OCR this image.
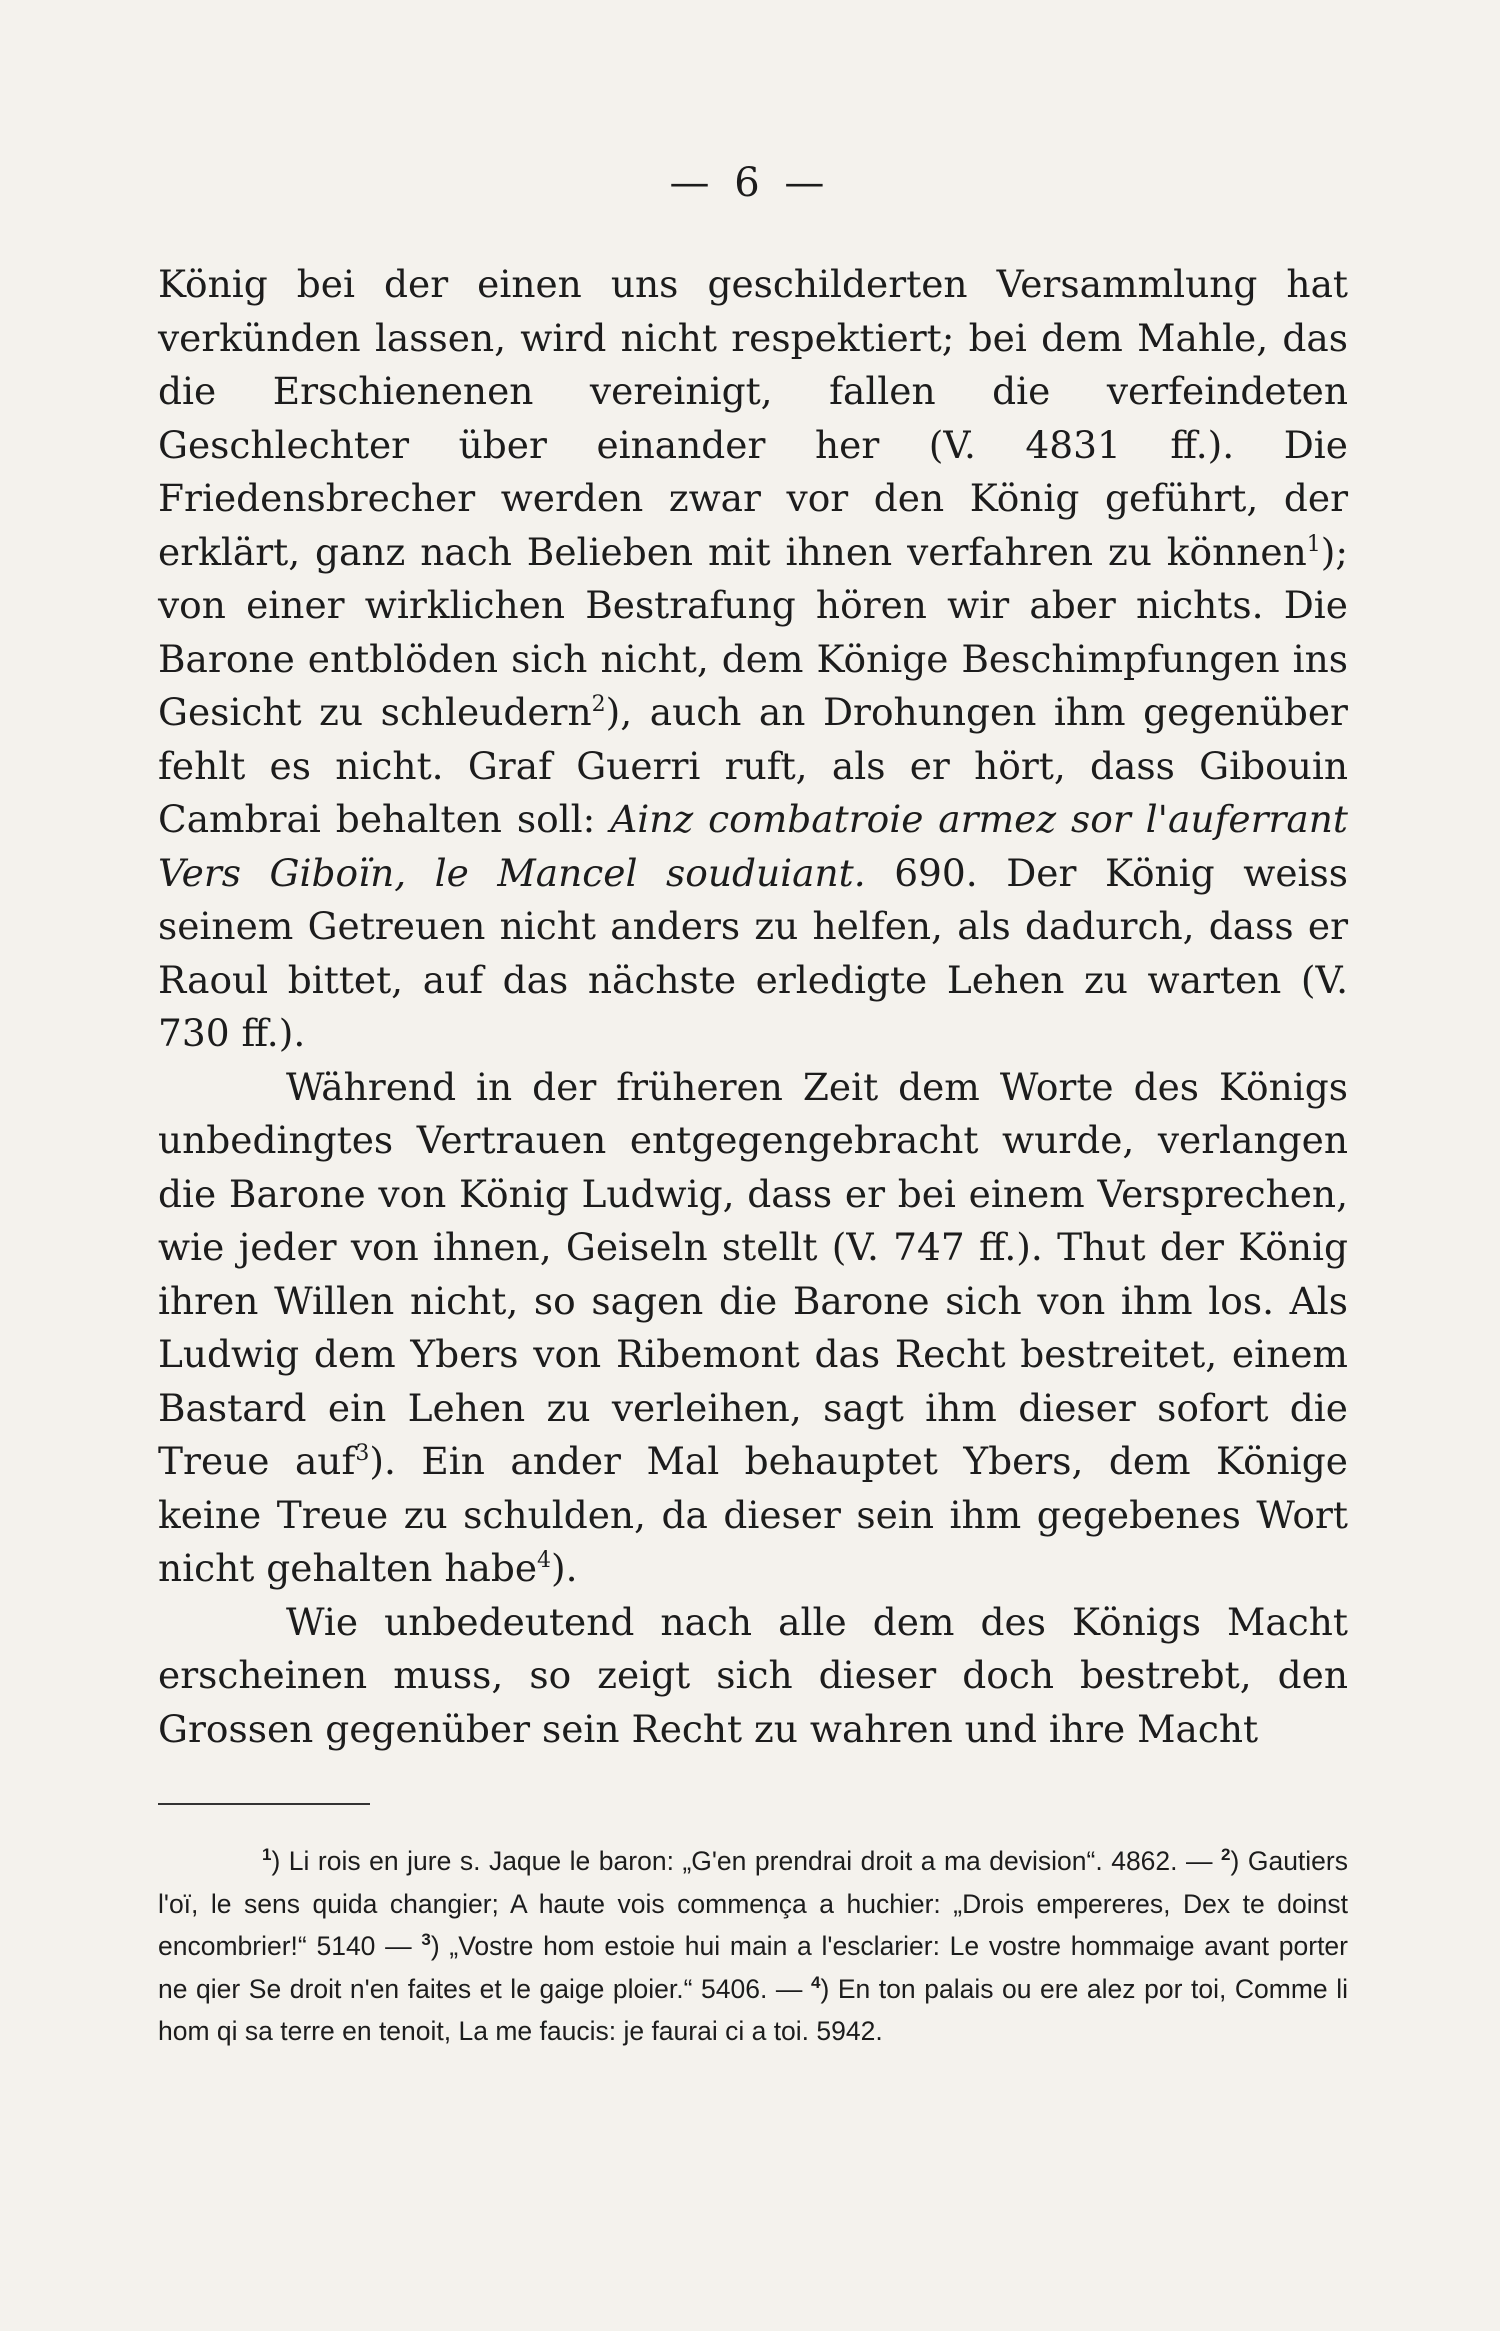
— 6 —

König bei der einen uns geschilderten Versammlung hat verkünden lassen, wird nicht respektiert; bei dem Mahle, das die Erschienenen vereinigt, fallen die verfeindeten Geschlechter über einander her (V. 4831 ff.). Die Friedensbrecher werden zwar vor den König geführt, der erklärt, ganz nach Belieben mit ihnen verfahren zu können$^1$); von einer wirklichen Bestrafung hören wir aber nichts. Die Barone entblöden sich nicht, dem Könige Beschimpfungen ins Gesicht zu schleudern$^2$), auch an Drohungen ihm gegenüber fehlt es nicht. Graf Guerri ruft, als er hört, dass Gibouin Cambrai behalten soll: Ainz combatroie armez sor l'auferrant Vers Giboïn, le Mancel souduiant. 690. Der König weiss seinem Getreuen nicht anders zu helfen, als dadurch, dass er Raoul bittet, auf das nächste erledigte Lehen zu warten (V. 730 ff.).

Während in der früheren Zeit dem Worte des Königs unbedingtes Vertrauen entgegengebracht wurde, verlangen die Barone von König Ludwig, dass er bei einem Versprechen, wie jeder von ihnen, Geiseln stellt (V. 747 ff.). Thut der König ihren Willen nicht, so sagen die Barone sich von ihm los. Als Ludwig dem Ybers von Ribemont das Recht bestreitet, einem Bastard ein Lehen zu verleihen, sagt ihm dieser sofort die Treue auf$^3$). Ein ander Mal behauptet Ybers, dem Könige keine Treue zu schulden, da dieser sein ihm gegebenes Wort nicht gehalten habe$^4$).

Wie unbedeutend nach alle dem des Königs Macht erscheinen muss, so zeigt sich dieser doch bestrebt, den Grossen gegenüber sein Recht zu wahren und ihre Macht

$^1$) Li rois en jure s. Jaque le baron: „G'en prendrai droit a ma devision“. 4862. — $^2$) Gautiers l'oï, le sens quida changier; A haute vois commença a huchier: „Drois empereres, Dex te doinst encombrier!“ 5140 — $^3$) „Vostre hom estoie hui main a l'esclarier: Le vostre hommaige avant porter ne qier Se droit n'en faites et le gaige ploier.“ 5406. — $^4$) En ton palais ou ere alez por toi, Comme li hom qi sa terre en tenoit, La me faucis: je faurai ci a toi. 5942.
